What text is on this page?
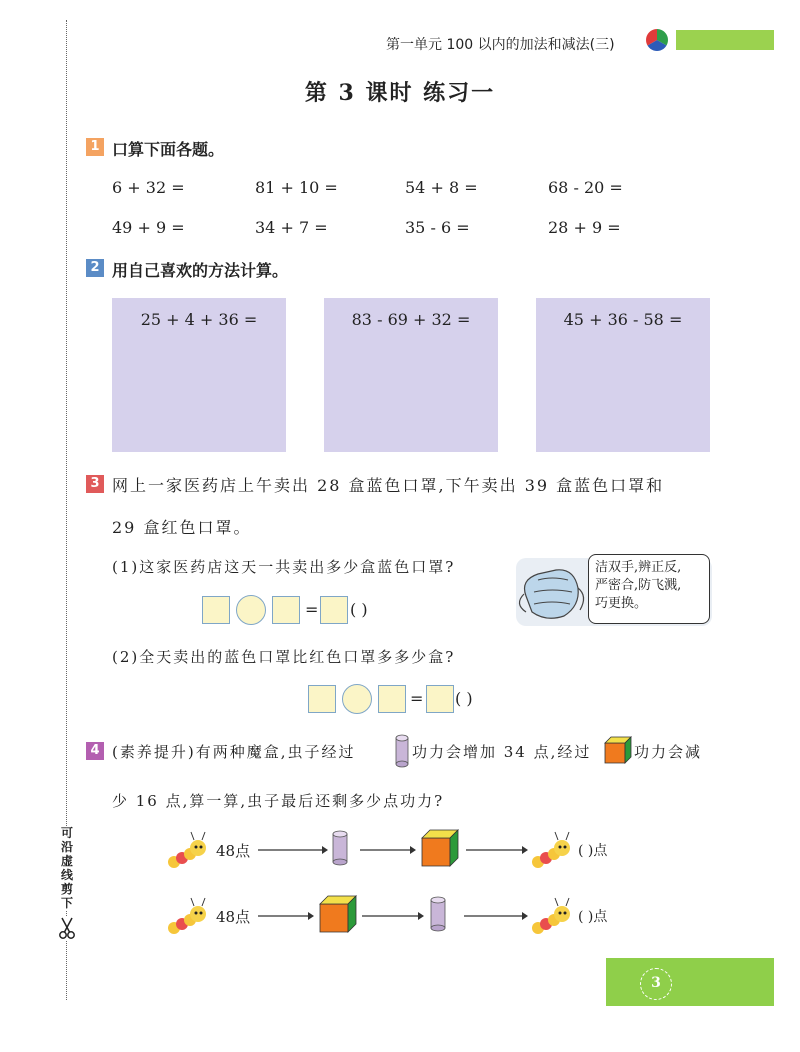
可沿虚线剪下
第一单元 100 以内的加法和减法(三)
第 3 课时 练习一
1 口算下面各题。
6 + 32 =	81 + 10 =	54 + 8 =	68 - 20 =
49 + 9 =	34 + 7 =	35 - 6 =	28 + 9 =
2 用自己喜欢的方法计算。
25 + 4 + 36 =	83 - 69 + 32 =	45 + 36 - 58 =
3 网上一家医药店上午卖出 28 盒蓝色口罩,下午卖出 39 盒蓝色口罩和
29 盒红色口罩。
(1)这家医药店这天一共卖出多少盒蓝色口罩?	洁双手,辨正反,
严密合,防飞溅,
巧更换。
= ( )
(2)全天卖出的蓝色口罩比红色口罩多多少盒?
= ( )
4 (素养提升)有两种魔盒,虫子经过	功力会增加 34 点,经过	功力会减
少 16 点,算一算,虫子最后还剩多少点功力?
48点	( )点
48点	( )点
3
